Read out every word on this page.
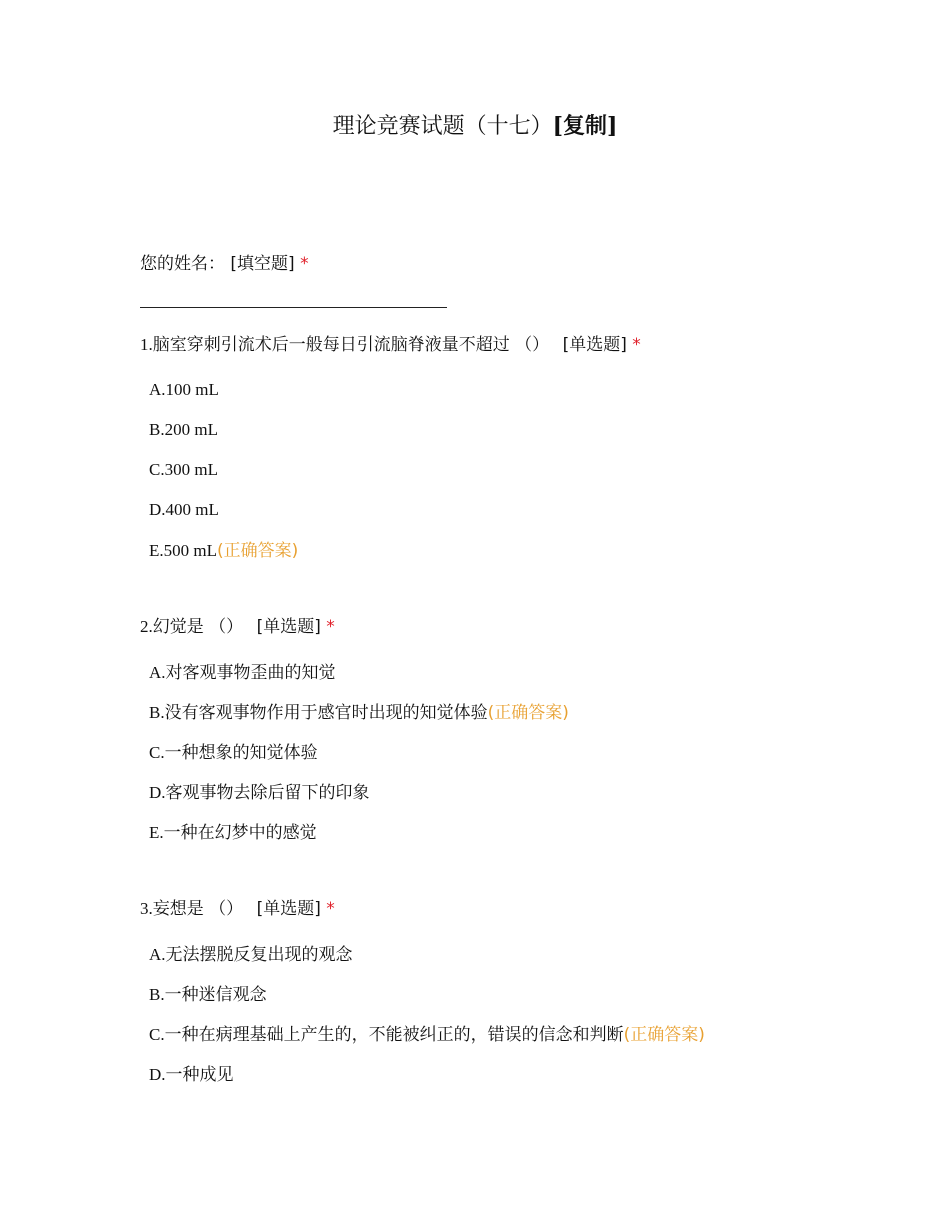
理论竞赛试题（十七）[复制]
您的姓名： [填空题] *
1.脑室穿刺引流术后一般每日引流脑脊液量不超过 （） [单选题] *
A.100 mL
B.200 mL
C.300 mL
D.400 mL
E.500 mL(正确答案)
2.幻觉是 （） [单选题] *
A.对客观事物歪曲的知觉
B.没有客观事物作用于感官时出现的知觉体验(正确答案)
C.一种想象的知觉体验
D.客观事物去除后留下的印象
E.一种在幻梦中的感觉
3.妄想是 （） [单选题] *
A.无法摆脱反复出现的观念
B.一种迷信观念
C.一种在病理基础上产生的，不能被纠正的，错误的信念和判断(正确答案)
D.一种成见
